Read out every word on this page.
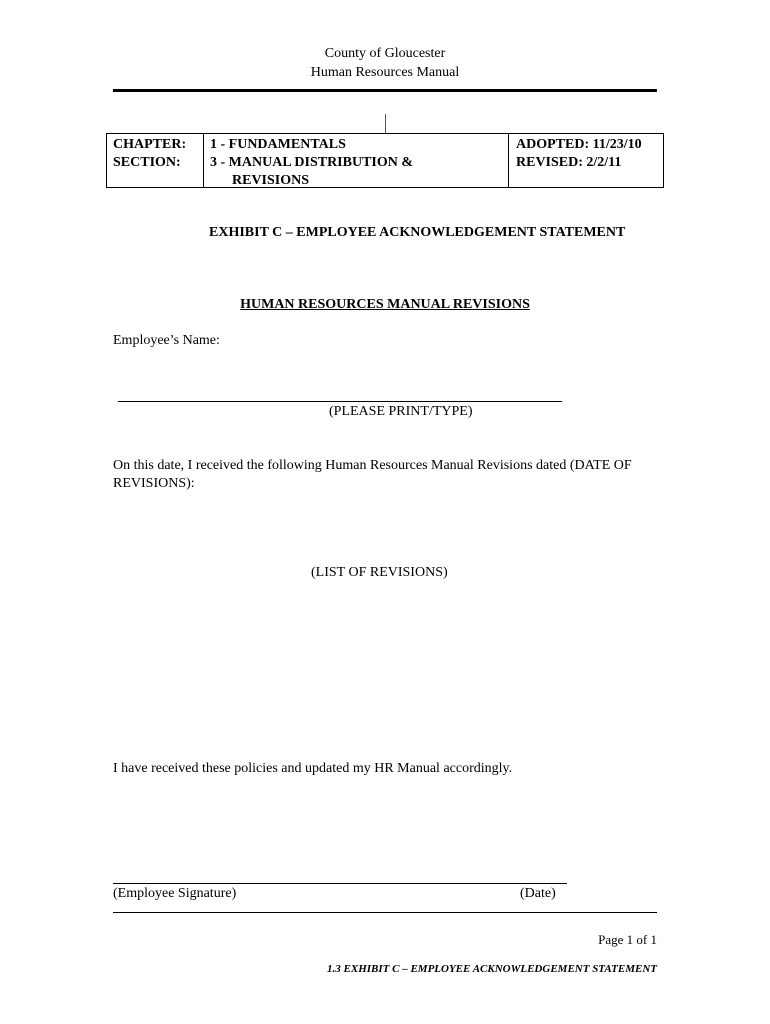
County of Gloucester
Human Resources Manual
CHAPTER:
SECTION:
1 - FUNDAMENTALS
3 - MANUAL DISTRIBUTION &
REVISIONS
ADOPTED: 11/23/10
REVISED: 2/2/11
EXHIBIT C – EMPLOYEE ACKNOWLEDGEMENT STATEMENT
HUMAN RESOURCES MANUAL REVISIONS
Employee’s Name:
(PLEASE PRINT/TYPE)
On this date, I received the following Human Resources Manual Revisions dated (DATE OF REVISIONS):
(LIST OF REVISIONS)
I have received these policies and updated my HR Manual accordingly.
(Employee Signature)	(Date)
Page 1 of 1
1.3 EXHIBIT C – EMPLOYEE ACKNOWLEDGEMENT STATEMENT
